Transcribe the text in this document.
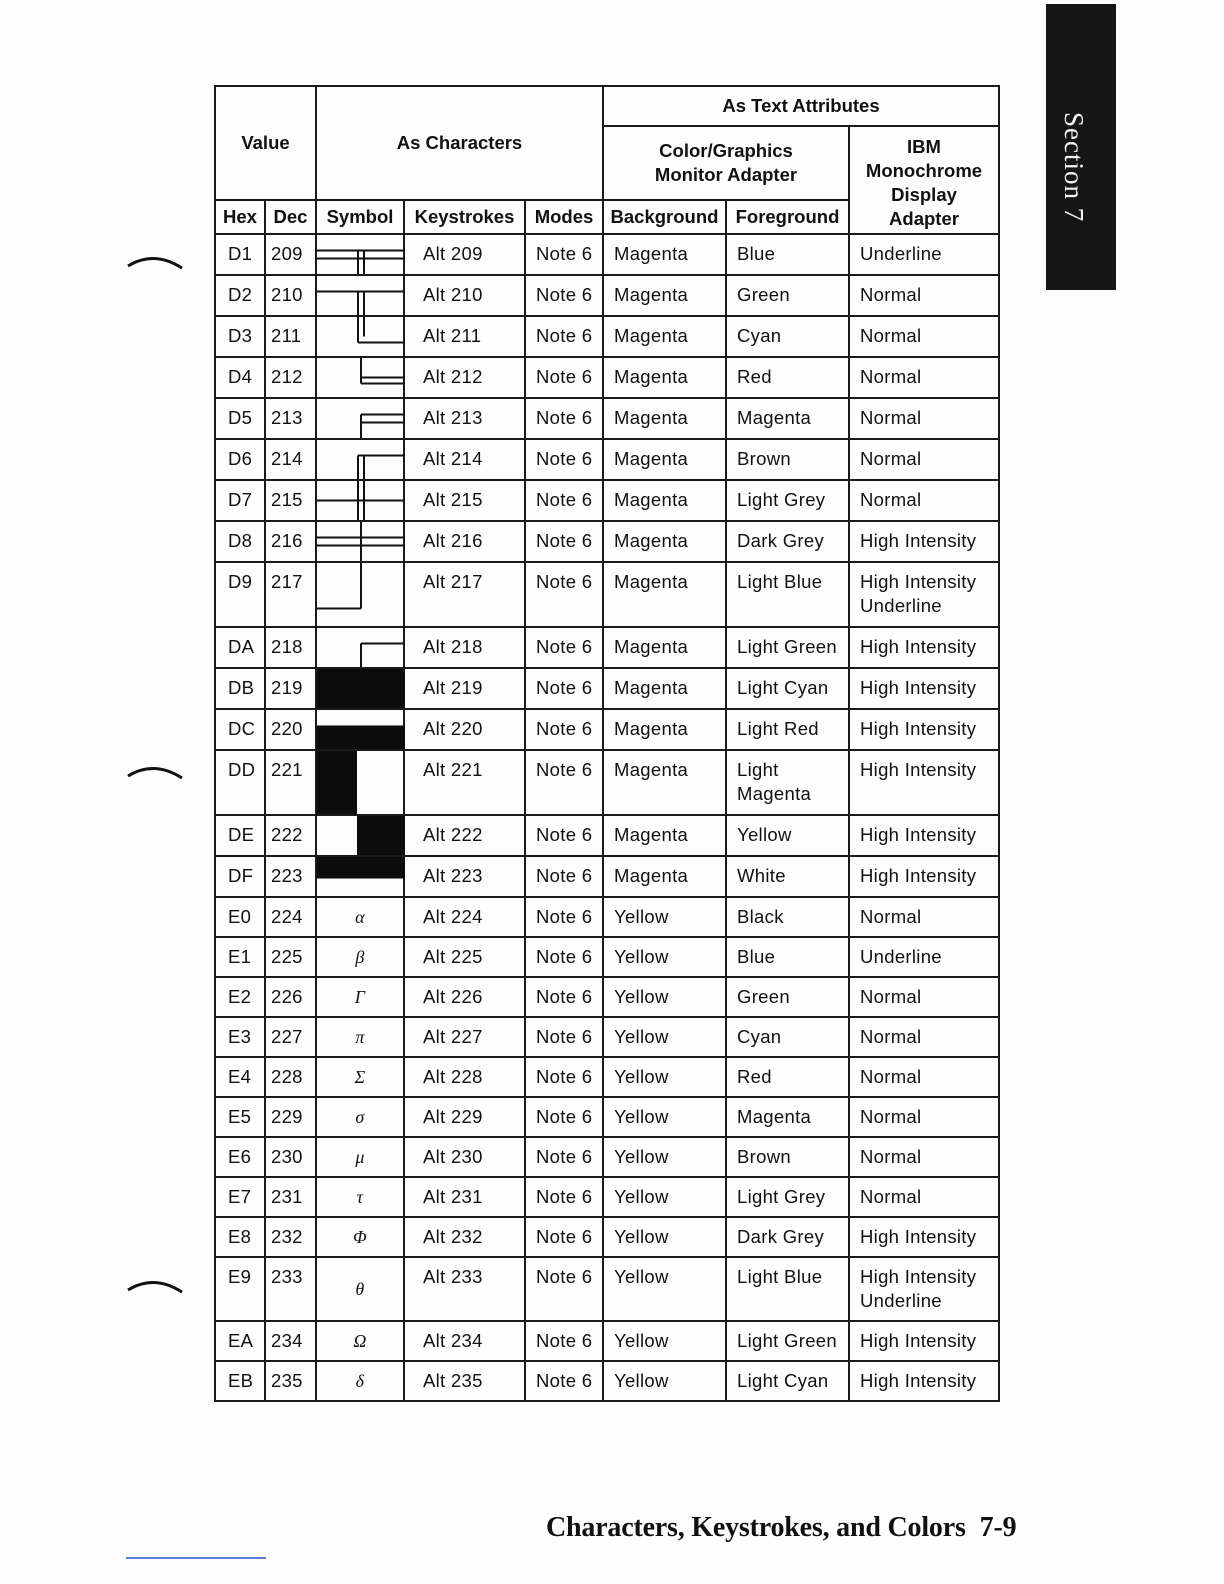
Section 7
Value		As Characters			As Text Attributes		

					Color/Graphics Monitor Adapter		IBM Monochrome Display Adapter

Hex	Dec	Symbol	Keystrokes	Modes	Background	Foreground	
D1	209		Alt 209	Note 6	Magenta	Blue	Underline
D2	210		Alt 210	Note 6	Magenta	Green	Normal
D3	211		Alt 211	Note 6	Magenta	Cyan	Normal
D4	212		Alt 212	Note 6	Magenta	Red	Normal
D5	213		Alt 213	Note 6	Magenta	Magenta	Normal
D6	214		Alt 214	Note 6	Magenta	Brown	Normal
D7	215		Alt 215	Note 6	Magenta	Light Grey	Normal
D8	216		Alt 216	Note 6	Magenta	Dark Grey	High Intensity
D9	217		Alt 217	Note 6	Magenta	Light Blue	High Intensity Underline

DA	218		Alt 218	Note 6	Magenta	Light Green	High Intensity
DB	219		Alt 219	Note 6	Magenta	Light Cyan	High Intensity
DC	220		Alt 220	Note 6	Magenta	Light Red	High Intensity
DD	221		Alt 221	Note 6	Magenta	Light Magenta	High Intensity
DE	222		Alt 222	Note 6	Magenta	Yellow	High Intensity
DF	223		Alt 223	Note 6	Magenta	White	High Intensity
E0	224	α	Alt 224	Note 6	Yellow	Black	Normal
E1	225	β	Alt 225	Note 6	Yellow	Blue	Underline
E2	226	Γ	Alt 226	Note 6	Yellow	Green	Normal
E3	227	π	Alt 227	Note 6	Yellow	Cyan	Normal
E4	228	Σ	Alt 228	Note 6	Yellow	Red	Normal
E5	229	σ	Alt 229	Note 6	Yellow	Magenta	Normal
E6	230	μ	Alt 230	Note 6	Yellow	Brown	Normal
E7	231	τ	Alt 231	Note 6	Yellow	Light Grey	Normal
E8	232	Φ	Alt 232	Note 6	Yellow	Dark Grey	High Intensity
E9	233	θ	Alt 233	Note 6	Yellow	Light Blue	High Intensity Underline

EA	234	Ω	Alt 234	Note 6	Yellow	Light Green	High Intensity
EB	235	δ	Alt 235	Note 6	Yellow	Light Cyan	High Intensity
Characters, Keystrokes, and Colors 7-9
